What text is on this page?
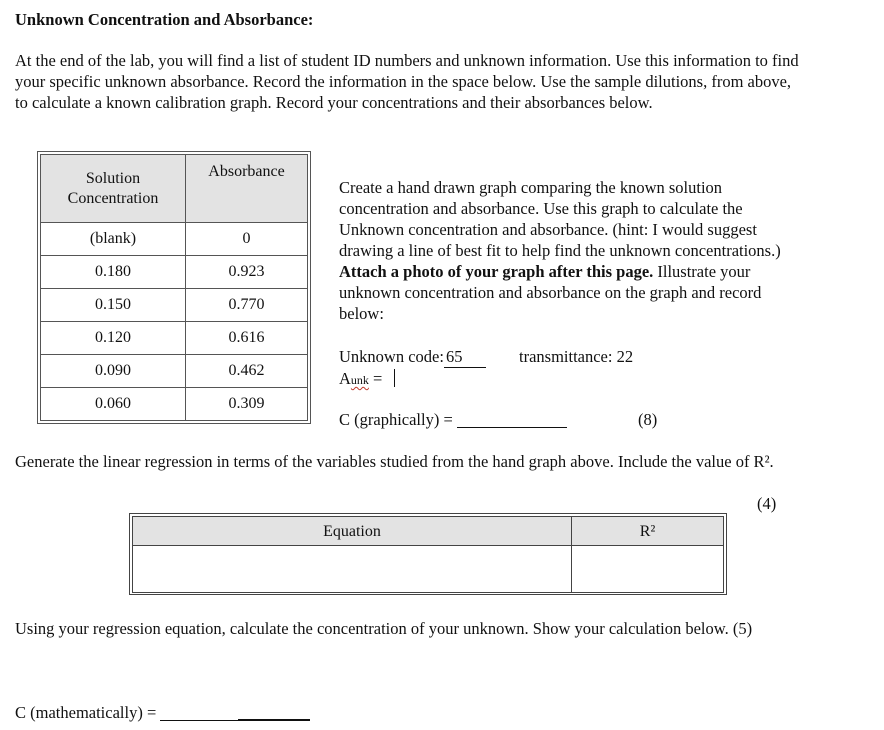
Unknown Concentration and Absorbance:
At the end of the lab, you will find a list of student ID numbers and unknown information. Use this information to find your specific unknown absorbance. Record the information in the space below. Use the sample dilutions, from above, to calculate a known calibration graph. Record your concentrations and their absorbances below.
Solution Concentration	Absorbance
(blank)	0
0.180	0.923
0.150	0.770
0.120	0.616
0.090	0.462
0.060	0.309
Create a hand drawn graph comparing the known solution concentration and absorbance. Use this graph to calculate the Unknown concentration and absorbance. (hint: I would suggest drawing a line of best fit to help find the unknown concentrations.) Attach a photo of your graph after this page. Illustrate your unknown concentration and absorbance on the graph and record below:
Unknown code: 65	transmittance: 22
Aunk =
C (graphically) =	(8)
Generate the linear regression in terms of the variables studied from the hand graph above. Include the value of R².
(4)
Equation	R²

Using your regression equation, calculate the concentration of your unknown. Show your calculation below. (5)
C (mathematically) =
